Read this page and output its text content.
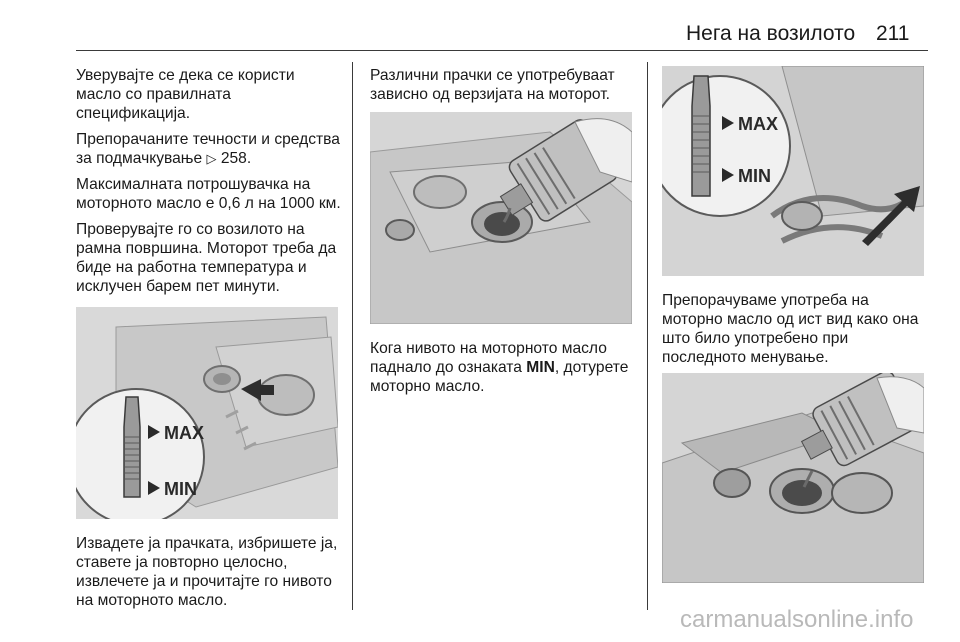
Нега на возилото 211

Уверувајте се дека се користи масло со правилната спецификација.

Препорачаните течности и средства за подмачкување ▷ 258.

Максималната потрошувачка на моторното масло е 0,6 л на 1000 км.

Проверувајте го со возилото на рамна површина. Моторот треба да биде на работна температура и исклучен барем пет минути.

MAX
MIN
Извадете ја прачката, избришете ја, ставете ја повторно целосно, извлечете ја и прочитајте го нивото на моторното масло.
Различни прачки се употребуваат зависно од верзијата на моторот.
Кога нивото на моторното масло паднало до ознаката MIN, дотурете моторно масло.
MAX
MIN
Препорачуваме употреба на моторно масло од ист вид како она што било употребено при последното менување.
carmanualsonline.info
